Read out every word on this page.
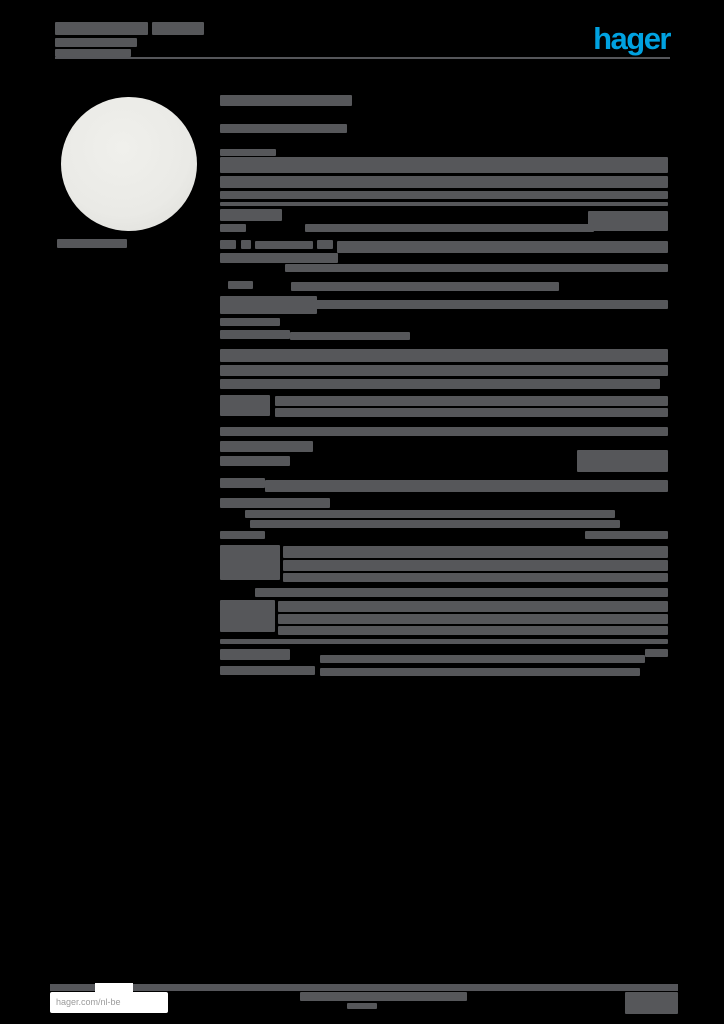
hager
hager.com/nl-be
